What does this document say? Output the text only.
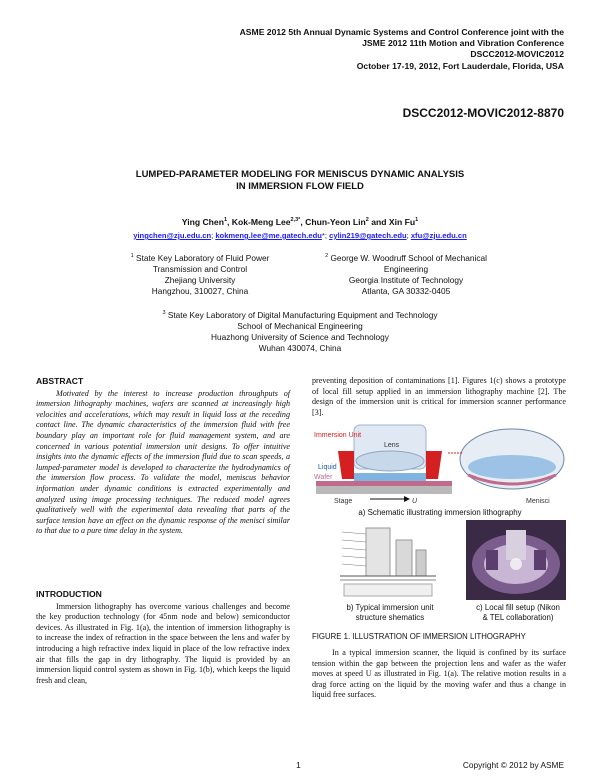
ASME 2012 5th Annual Dynamic Systems and Control Conference joint with the
JSME 2012 11th Motion and Vibration Conference
DSCC2012-MOVIC2012
October 17-19, 2012, Fort Lauderdale, Florida, USA
DSCC2012-MOVIC2012-8870
LUMPED-PARAMETER MODELING FOR MENISCUS DYNAMIC ANALYSIS
IN IMMERSION FLOW FIELD
Ying Chen$^1$, Kok-Meng Lee$^{2,3*}$, Chun-Yeon Lin$^2$ and Xin Fu$^1$
yingchen@zju.edu.cn; kokmeng.lee@me.gatech.edu*; cylin219@gatech.edu; xfu@zju.edu.cn
$^1$ State Key Laboratory of Fluid Power
Transmission and Control
Zhejiang University
Hangzhou, 310027, China
$^2$ George W. Woodruff School of Mechanical
Engineering
Georgia Institute of Technology
Atlanta, GA 30332-0405
$^3$ State Key Laboratory of Digital Manufacturing Equipment and Technology
School of Mechanical Engineering
Huazhong University of Science and Technology
Wuhan 430074, China
ABSTRACT

Motivated by the interest to increase production throughputs of immersion lithography machines, wafers are scanned at increasingly high velocities and accelerations, which may result in liquid loss at the receding contact line. The dynamic characteristics of the immersion fluid with free boundary play an important role for fluid management system, and are concerned in various potential immersion unit designs. To offer intuitive insights into the dynamic effects of the immersion fluid due to scan speeds, a lumped-parameter model is developed to characterize the hydrodynamics of the immersion flow process. To validate the model, meniscus behavior information under dynamic conditions is extracted experimentally and analyzed using image processing techniques. The reduced model agrees qualitatively well with the experimental data revealing that parts of the surface tension have an effect on the dynamic response of the menisci similar to that due to a pure time delay in the system.

INTRODUCTION

Immersion lithography has overcome various challenges and become the key production technology (for 45nm node and below) semiconductor devices. As illustrated in Fig. 1(a), the intention of immersion lithography is to increase the index of refraction in the space between the lens and wafer by introducing a high refractive index liquid in place of the low refractive index air that fills the gap in dry lithography. The liquid is provided by an immersion liquid control system as shown in Fig. 1(b), which keeps the liquid fresh and clean,

preventing deposition of contaminations [1]. Figures 1(c) shows a prototype of local fill setup applied in an immersion lithography machine [2]. The design of the immersion unit is critical for immersion scanner performance [3].

Immersion Unit
Liquid
Wafer
Lens
Stage	U	Menisci
a) Schematic illustrating immersion lithography
b) Typical immersion unit
structure shematics
c) Local fill setup (Nikon
& TEL collaboration)
FIGURE 1. ILLUSTRATION OF IMMERSION LITHOGRAPHY

In a typical immersion scanner, the liquid is confined by its surface tension within the gap between the projection lens and wafer as the wafer moves at speed U as illustrated in Fig. 1(a). The relative motion results in a drag force acting on the liquid by the moving wafer and thus a change in liquid free surfaces.

1	Copyright © 2012 by ASME
